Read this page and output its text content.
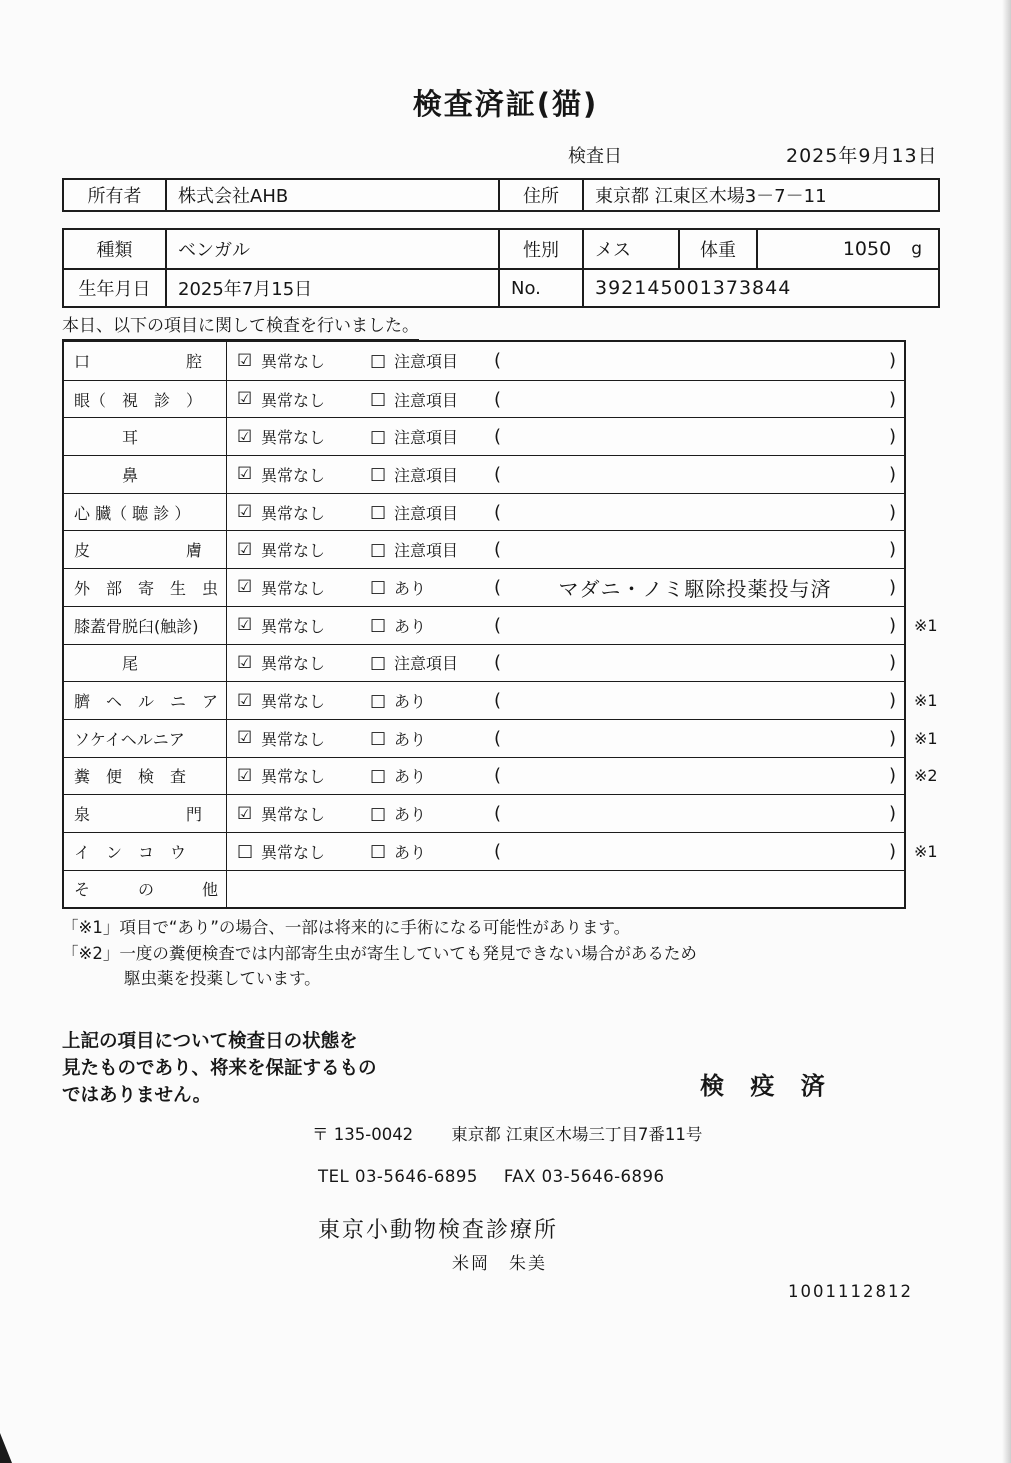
検査済証(猫)
検査日	2025年9月13日
所有者	株式会社AHB	住所	東京都 江東区木場3－7－11
種類	ベンガル	性別	メス	体重	1050 g
生年月日	2025年7月15日	No.	392145001373844
本日、以下の項目に関して検査を行いました。
口　　　　　　腔	☑ 異常なし	□ 注意項目	(	)
眼（　視　診　）	☑ 異常なし	□ 注意項目	(	)
　　　耳	☑ 異常なし	□ 注意項目	(	)
　　　鼻	☑ 異常なし	□ 注意項目	(	)
心 臓（ 聴 診 ）	☑ 異常なし	□ 注意項目	(	)
皮　　　　　　膚	☑ 異常なし	□ 注意項目	(	)
外　部　寄　生　虫	☑ 異常なし	□ あり	(	マダニ・ノミ駆除投薬投与済	)
膝蓋骨脱臼(触診)	☑ 異常なし	□ あり	(	) ※1
　　　尾	☑ 異常なし	□ 注意項目	(	)
臍　ヘ　ル　ニ　ア	☑ 異常なし	□ あり	(	) ※1
ソケイヘルニア	☑ 異常なし	□ あり	(	) ※1
糞　便　検　査	☑ 異常なし	□ あり	(	) ※2
泉　　　　　　門	☑ 異常なし	□ あり	(	)
イ　ン　コ　ウ	□ 異常なし	□ あり	(	) ※1
そ　　　の　　　他
「※1」項目で“あり”の場合、一部は将来的に手術になる可能性があります。
「※2」一度の糞便検査では内部寄生虫が寄生していても発見できない場合があるため
駆虫薬を投薬しています。
上記の項目について検査日の状態を
見たものであり、将来を保証するもの
ではありません。	検 疫 済
〒 135-0042 東京都 江東区木場三丁目7番11号
TEL 03-5646-6895 FAX 03-5646-6896
東京小動物検査診療所
米岡　朱美
1001112812
